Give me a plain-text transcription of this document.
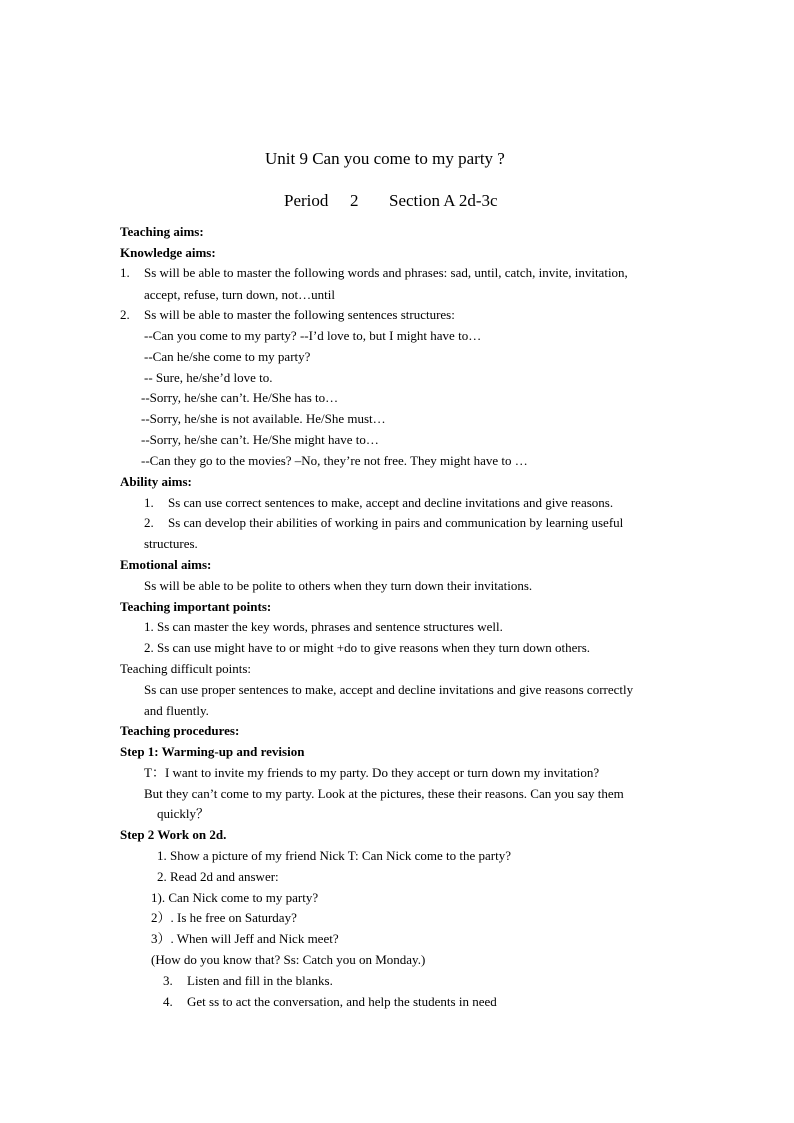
Unit 9 Can you come to my party ?
Period 2 Section A 2d-3c
Teaching aims:
Knowledge aims:
1. Ss will be able to master the following words and phrases: sad, until, catch, invite, invitation,
accept, refuse, turn down, not…until
2. Ss will be able to master the following sentences structures:
--Can you come to my party? --I’d love to, but I might have to…
--Can he/she come to my party?
-- Sure, he/she’d love to.
--Sorry, he/she can’t. He/She has to…
--Sorry, he/she is not available. He/She must…
--Sorry, he/she can’t. He/She might have to…
--Can they go to the movies? –No, they’re not free. They might have to …
Ability aims:
1. Ss can use correct sentences to make, accept and decline invitations and give reasons.
2. Ss can develop their abilities of working in pairs and communication by learning useful
structures.
Emotional aims:
Ss will be able to be polite to others when they turn down their invitations.
Teaching important points:
1. Ss can master the key words, phrases and sentence structures well.
2. Ss can use might have to or might +do to give reasons when they turn down others.
Teaching difficult points:
Ss can use proper sentences to make, accept and decline invitations and give reasons correctly
and fluently.
Teaching procedures:
Step 1: Warming-up and revision
T：I want to invite my friends to my party. Do they accept or turn down my invitation?
But they can’t come to my party. Look at the pictures, these their reasons. Can you say them
quickly？
Step 2 Work on 2d.
1. Show a picture of my friend Nick T: Can Nick come to the party?
2. Read 2d and answer:
1). Can Nick come to my party?
2）. Is he free on Saturday?
3）. When will Jeff and Nick meet?
(How do you know that? Ss: Catch you on Monday.)
3. Listen and fill in the blanks.
4. Get ss to act the conversation, and help the students in need
